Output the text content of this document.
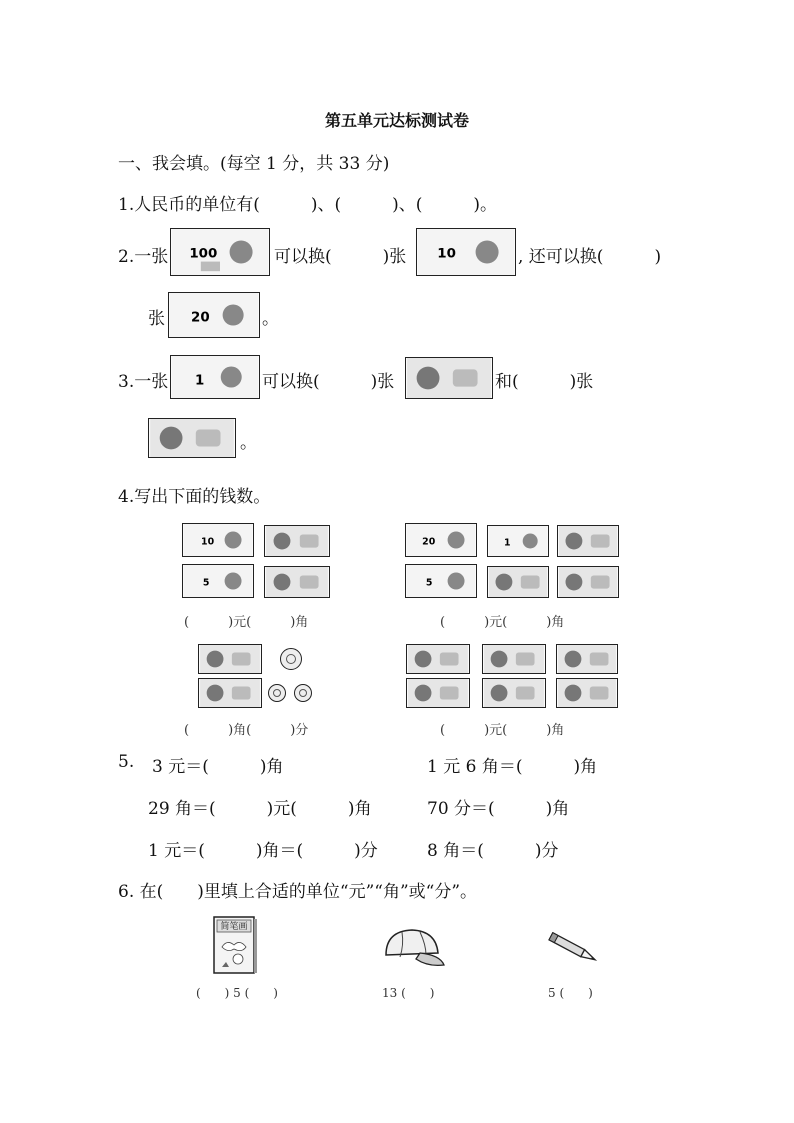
第五单元达标测试卷
一、我会填。(每空 1 分，共 33 分)
1.人民币的单位有(　　　)、(　　　)、(　　　)。
2.一张 100	可以换(　　　)张 10	, 还可以换(　　　)
张 20	。
3.一张 1	可以换(　　　)张	和(　　　)张
。
4.写出下面的钱数。
10
5
(　　　)元(　　　)角
20	1
5
(　　　)元(　　　)角
(　　　)角(　　　)分	(　　　)元(　　　)角
5. 3 元＝(　　　)角	1 元 6 角＝(　　　)角
29 角＝(　　　)元(　　　)角	70 分＝(　　　)角
1 元＝(　　　)角＝(　　　)分	8 角＝(　　　)分
6. 在(　　)里填上合适的单位“元”“角”或“分”。
简笔画
(　　) 5 (　　)	13 (　　)	5 (　　)
